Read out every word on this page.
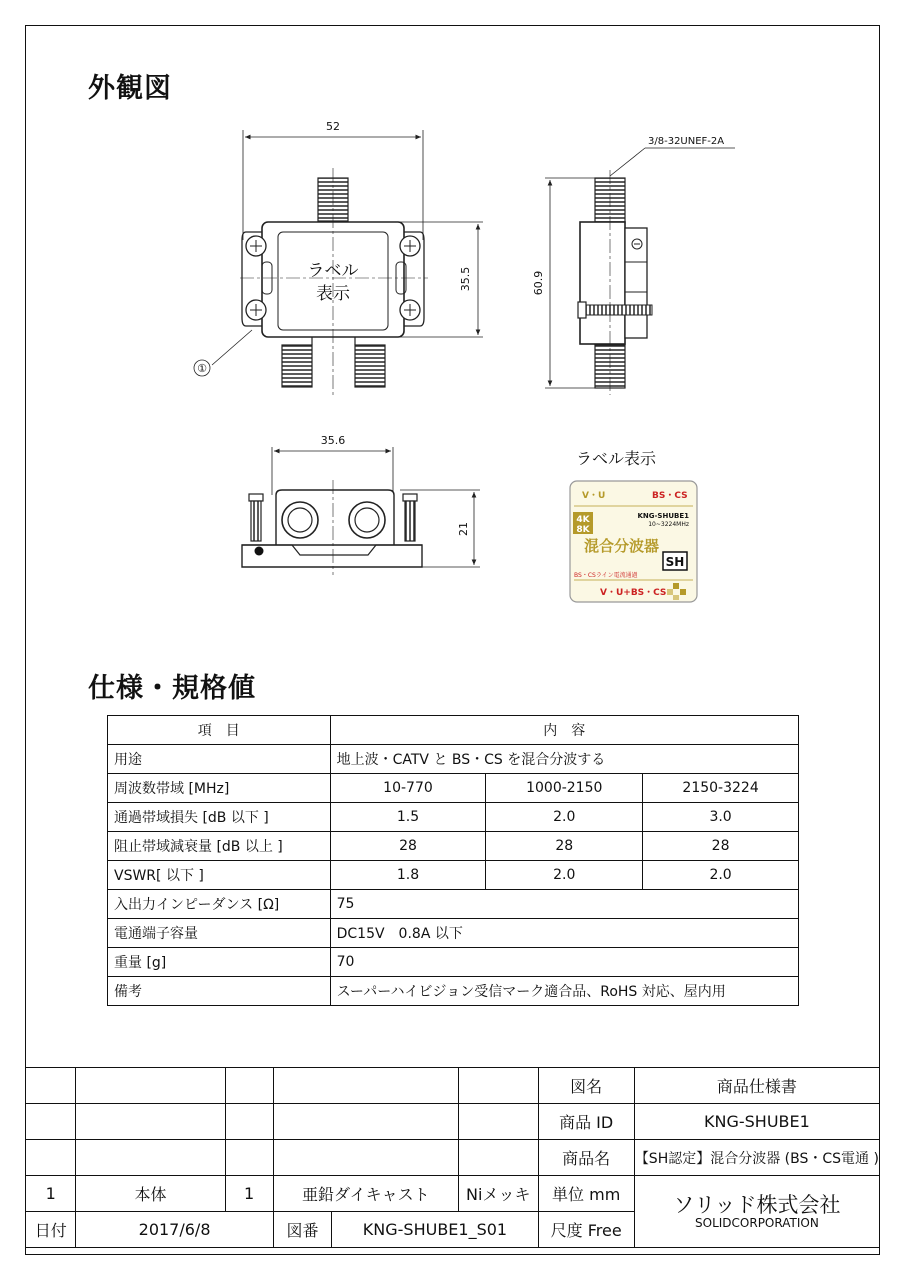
外観図
52
3/8-32UNEF-2A
35.5	60.9
35.6
21
①
ラベル
表示
ラベル表示
V・U	BS・CS
4K
8K
KNG-SHUBE1
10~3224MHz
混合分波器
SH
BS・CSライン電流通過
V・U+BS・CS
仕様・規格値
項　目	内　容		
用途	地上波・CATV と BS・CS を混合分波する		
周波数帯域 [MHz]	10-770	1000-2150	2150-3224
通過帯域損失 [dB 以下 ]	1.5	2.0	3.0
阻止帯域減衰量 [dB 以上 ]	28	28	28
VSWR[ 以下 ]	1.8	2.0	2.0
入出力インピーダンス [Ω]	75		
電通端子容量	DC15V　0.8A 以下		
重量 [g]	70		
備考	スーパーハイビジョン受信マーク適合品、RoHS 対応、屋内用		
						図名	商品仕様書
						商品 ID	KNG-SHUBE1
						商品名	【SH認定】混合分波器 (BS・CS電通 )
1	本体	1	亜鉛ダイキャスト		Niメッキ	単位 mm	ソリッド株式会社
SOLIDCORPORATION

日付	2017/6/8		図番	KNG-SHUBE1_S01		尺度 Free	
